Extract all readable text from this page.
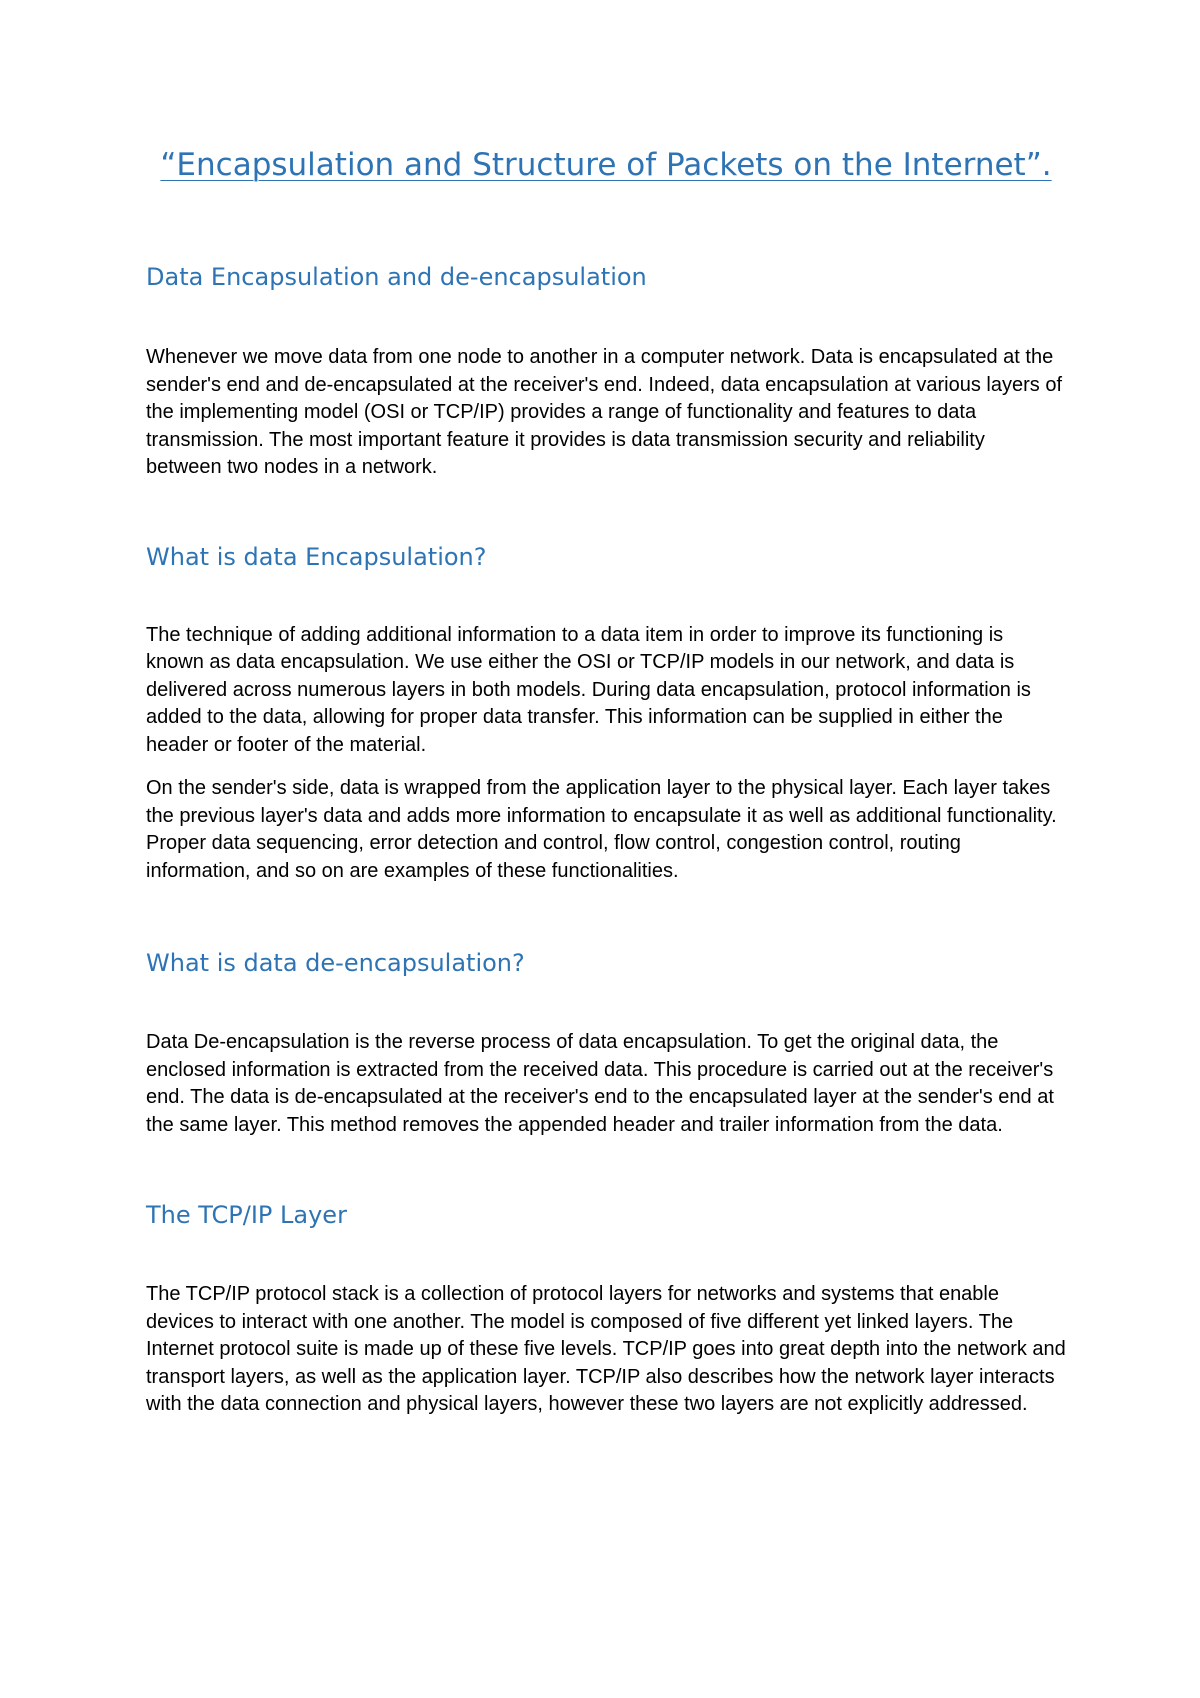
“Encapsulation and Structure of Packets on the Internet”.
Data Encapsulation and de-encapsulation

Whenever we move data from one node to another in a computer network. Data is encapsulated at the sender's end and de-encapsulated at the receiver's end. Indeed, data encapsulation at various layers of the implementing model (OSI or TCP/IP) provides a range of functionality and features to data transmission. The most important feature it provides is data transmission security and reliability between two nodes in a network.

What is data Encapsulation?

The technique of adding additional information to a data item in order to improve its functioning is known as data encapsulation. We use either the OSI or TCP/IP models in our network, and data is delivered across numerous layers in both models. During data encapsulation, protocol information is added to the data, allowing for proper data transfer. This information can be supplied in either the header or footer of the material.

On the sender's side, data is wrapped from the application layer to the physical layer. Each layer takes the previous layer's data and adds more information to encapsulate it as well as additional functionality. Proper data sequencing, error detection and control, flow control, congestion control, routing information, and so on are examples of these functionalities.

What is data de-encapsulation?

Data De-encapsulation is the reverse process of data encapsulation. To get the original data, the enclosed information is extracted from the received data. This procedure is carried out at the receiver's end. The data is de-encapsulated at the receiver's end to the encapsulated layer at the sender's end at the same layer. This method removes the appended header and trailer information from the data.

The TCP/IP Layer

The TCP/IP protocol stack is a collection of protocol layers for networks and systems that enable devices to interact with one another. The model is composed of five different yet linked layers. The Internet protocol suite is made up of these five levels. TCP/IP goes into great depth into the network and transport layers, as well as the application layer. TCP/IP also describes how the network layer interacts with the data connection and physical layers, however these two layers are not explicitly addressed.
